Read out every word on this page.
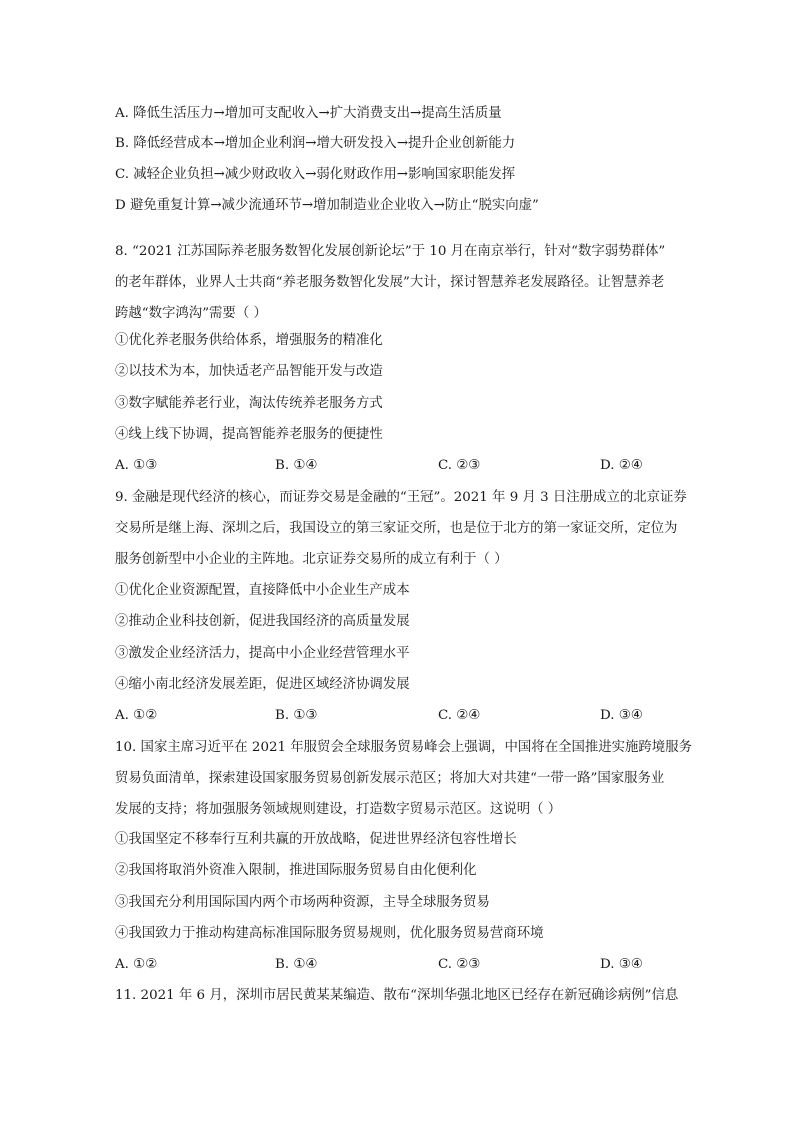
A. 降低生活压力→增加可支配收入→扩大消费支出→提高生活质量
B. 降低经营成本→增加企业利润→增大研发投入→提升企业创新能力
C. 减轻企业负担→减少财政收入→弱化财政作用→影响国家职能发挥
D 避免重复计算→减少流通环节→增加制造业企业收入→防止“脱实向虚”
8. “2021 江苏国际养老服务数智化发展创新论坛”于 10 月在南京举行，针对“数字弱势群体”
的老年群体，业界人士共商“养老服务数智化发展”大计，探讨智慧养老发展路径。让智慧养老
跨越“数字鸿沟”需要（ ）
①优化养老服务供给体系，增强服务的精准化
②以技术为本，加快适老产品智能开发与改造
③数字赋能养老行业，淘汰传统养老服务方式
④线上线下协调，提高智能养老服务的便捷性
A. ①③	B. ①④	C. ②③	D. ②④
9. 金融是现代经济的核心，而证券交易是金融的“王冠”。2021 年 9 月 3 日注册成立的北京证券
交易所是继上海、深圳之后，我国设立的第三家证交所，也是位于北方的第一家证交所，定位为
服务创新型中小企业的主阵地。北京证券交易所的成立有利于（ ）
①优化企业资源配置，直接降低中小企业生产成本
②推动企业科技创新，促进我国经济的高质量发展
③激发企业经济活力，提高中小企业经营管理水平
④缩小南北经济发展差距，促进区域经济协调发展
A. ①②	B. ①③	C. ②④	D. ③④
10. 国家主席习近平在 2021 年服贸会全球服务贸易峰会上强调，中国将在全国推进实施跨境服务
贸易负面清单，探索建设国家服务贸易创新发展示范区；将加大对共建“一带一路”国家服务业
发展的支持；将加强服务领域规则建设，打造数字贸易示范区。这说明（ ）
①我国坚定不移奉行互利共赢的开放战略，促进世界经济包容性增长
②我国将取消外资准入限制，推进国际服务贸易自由化便利化
③我国充分利用国际国内两个市场两种资源，主导全球服务贸易
④我国致力于推动构建高标准国际服务贸易规则，优化服务贸易营商环境
A. ①②	B. ①④	C. ②③	D. ③④
11. 2021 年 6 月，深圳市居民黄某某编造、散布“深圳华强北地区已经存在新冠确诊病例”信息
